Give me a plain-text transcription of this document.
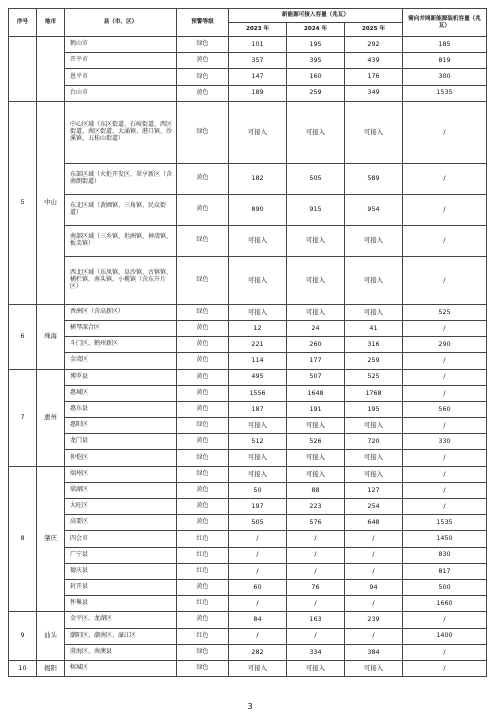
序号	地市	县（市、区）	预警等级	新能源可接入容量（兆瓦）			需向并网新能源装机容量（兆瓦）
				2023 年	2024 年	2025 年	
		鹤山市	绿色	101	195	292	185
		开平市	黄色	357	395	439	819
		恩平市	绿色	147	160	176	300
		台山市	黄色	189	259	349	1535
5	中山	中心区域（东区街道、石岐街道、西区街道、南区街道、大涌镇、港口镇、沙溪镇、五桂山街道）	绿色	可接入	可接入	可接入	/
		东部区域（火炬开发区、翠亨新区（含南朗街道）	黄色	182	505	589	/
		东北区域（黄圃镇、三角镇、民众街道）	黄色	890	915	954	/
		南部区域（三乡镇、坦洲镇、神湾镇、板芙镇）	绿色	可接入	可接入	可接入	/
		西北区域（东凤镇、阜沙镇、古镇镇、横栏镇、南头镇、小榄镇（含东升片区）	绿色	可接入	可接入	可接入	/
6	珠海	香洲区（含高新区）	绿色	可接入	可接入	可接入	525
		横琴深合区	黄色	12	24	41	/
		斗门区、鹤州新区	黄色	221	260	316	290
		金湾区	黄色	114	177	259	/
7	惠州	博罗县	黄色	495	507	525	/
		惠城区	黄色	1556	1648	1768	/
		惠东县	黄色	187	191	195	560
		惠阳区	绿色	可接入	可接入	可接入	/
		龙门县	黄色	512	526	720	330
		仲恺区	绿色	可接入	可接入	可接入	/
8	肇庆	端州区	绿色	可接入	可接入	可接入	/
		鼎湖区	黄色	50	88	127	/
		大旺区	黄色	197	223	254	/
		高要区	黄色	505	576	648	1535
		四会市	红色	/	/	/	1450
		广宁县	红色	/	/	/	830
		德庆县	红色	/	/	/	817
		封开县	黄色	60	76	94	500
		怀集县	红色	/	/	/	1660
9	汕头	金平区、龙湖区	黄色	84	163	239	/
		潮阳区、潮南区、濠江区	红色	/	/	/	1400
		澄海区、南澳县	绿色	282	334	384	/
10	揭阳	榕城区	绿色	可接入	可接入	可接入	/
3
